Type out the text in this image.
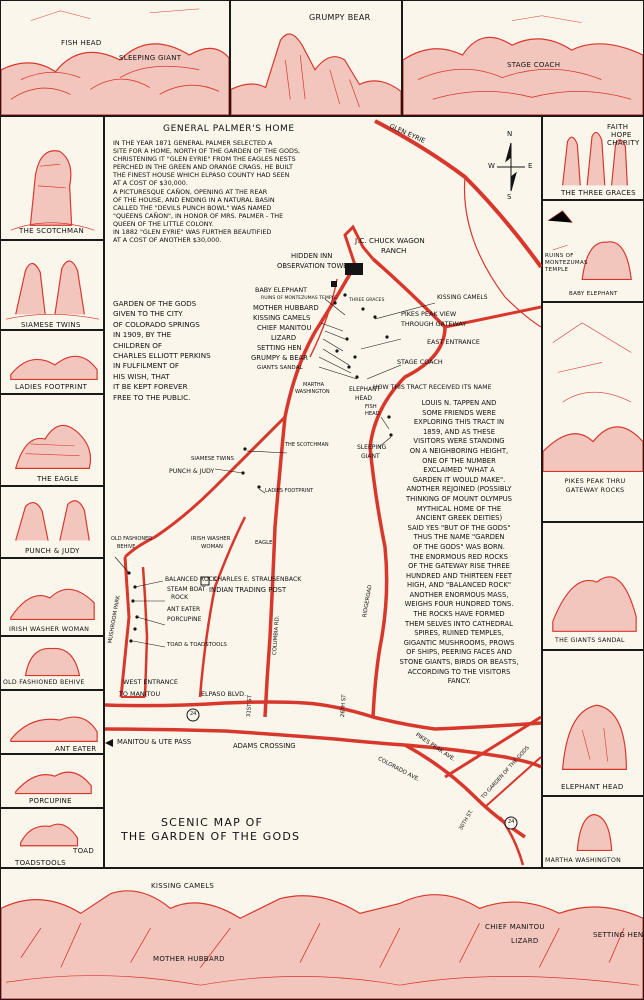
FISH HEAD
SLEEPING GIANT
GRUMPY BEAR
STAGE COACH
THE SCOTCHMAN
SIAMESE TWINS
LADIES FOOTPRINT
THE EAGLE
PUNCH & JUDY
IRISH WASHER WOMAN
OLD FASHIONED BEHIVE
ANT EATER
PORCUPINE
TOAD
TOADSTOOLS
FAITH
HOPE
CHARITY
THE THREE GRACES
RUINS OF MONTEZUMAS TEMPLE
BABY ELEPHANT
PIKES PEAK THRU GATEWAY ROCKS
THE GIANTS SANDAL
ELEPHANT HEAD
MARTHA WASHINGTON
KISSING CAMELS
MOTHER HUBBARD
CHIEF MANITOU
LIZARD
SETTING HEN
N
E
S
W
GENERAL PALMER'S HOME

IN THE YEAR 1871 GENERAL PALMER SELECTED A

SITE FOR A HOME, NORTH OF THE GARDEN OF THE GODS,

CHRISTENING IT "GLEN EYRIE" FROM THE EAGLES NESTS

PERCHED IN THE GREEN AND ORANGE CRAGS. HE BUILT

THE FINEST HOUSE WHICH ELPASO COUNTY HAD SEEN

AT A COST OF $30,000.

A PICTURESQUE CAÑON, OPENING AT THE REAR

OF THE HOUSE, AND ENDING IN A NATURAL BASIN

CALLED THE "DEVILS PUNCH BOWL" WAS NAMED

"QUEENS CAÑON", IN HONOR OF MRS. PALMER - THE

QUEEN OF THE LITTLE COLONY.

IN 1882 "GLEN EYRIE" WAS FURTHER BEAUTIFIED

AT A COST OF ANOTHER $30,000.

GARDEN OF THE GODS

GIVEN TO THE CITY

OF COLORADO SPRINGS

IN 1909, BY THE

CHILDREN OF

CHARLES ELLIOTT PERKINS

IN FULFILMENT OF

HIS WISH, THAT

IT BE KEPT FOREVER

FREE TO THE PUBLIC.

HOW THIS TRACT RECEIVED ITS NAME

LOUIS N. TAPPEN AND

SOME FRIENDS WERE

EXPLORING THIS TRACT IN

1859, AND AS THESE

VISITORS WERE STANDING

ON A NEIGHBORING HEIGHT,

ONE OF THE NUMBER

EXCLAIMED "WHAT A

GARDEN IT WOULD MAKE".

ANOTHER REJOINED (POSSIBLY

THINKING OF MOUNT OLYMPUS

MYTHICAL HOME OF THE

ANCIENT GREEK DEITIES)

SAID YES "BUT OF THE GODS"

THUS THE NAME "GARDEN

OF THE GODS" WAS BORN.

THE ENORMOUS RED ROCKS

OF THE GATEWAY RISE THREE

HUNDRED AND THIRTEEN FEET

HIGH, AND "BALANCED ROCK"

ANOTHER ENORMOUS MASS,

WEIGHS FOUR HUNDRED TONS.

THE ROCKS HAVE FORMED

THEM SELVES INTO CATHEDRAL

SPIRES, RUINED TEMPLES,

GIGANTIC MUSHROOMS, PROWS

OF SHIPS, PEERING FACES AND

STONE GIANTS, BIRDS OR BEASTS,

ACCORDING TO THE VISITORS

FANCY.

GLEN EYRIE
J.C. CHUCK WAGON
RANCH
HIDDEN INN
OBSERVATION TOWER
BABY ELEPHANT
RUINS OF MONTEZUMAS TEMPLE	THREE GRACES
MOTHER HUBBARD
KISSING CAMELS
KISSING CAMELS
CHIEF MANITOU
LIZARD
SETTING HEN
GRUMPY & BEAR
GIANTS SANDAL
PIKES PEAK VIEW
THROUGH GATEWAY
EAST ENTRANCE
STAGE COACH
MARTHA
WASHINGTON	ELEPHANT
HEAD
FISH
HEAD
SLEEPING
GIANT
THE SCOTCHMAN
SIAMESE TWINS
PUNCH & JUDY
LADIES FOOTPRINT
OLD FASHIONED
BEHIVE
IRISH WASHER
WOMAN
EAGLE
BALANCED ROCK
STEAM BOAT
ROCK
ANT EATER
PORCUPINE
TOAD & TOADSTOOLS
CHARLES E. STRAUSENBACK
INDIAN TRADING POST
MUSHROOM PARK
WEST ENTRANCE
TO MANITOU	ELPASO BLVD.
31ST ST
COLUMBIA RD.
RIDGEROAD
26TH ST
24
24
MANITOU & UTE PASS	ADAMS CROSSING	PIKES PEAK AVE.
COLORADO AVE.	TO GARDEN OF THE GODS
30TH ST.
SCENIC MAP OF
THE GARDEN OF THE GODS
